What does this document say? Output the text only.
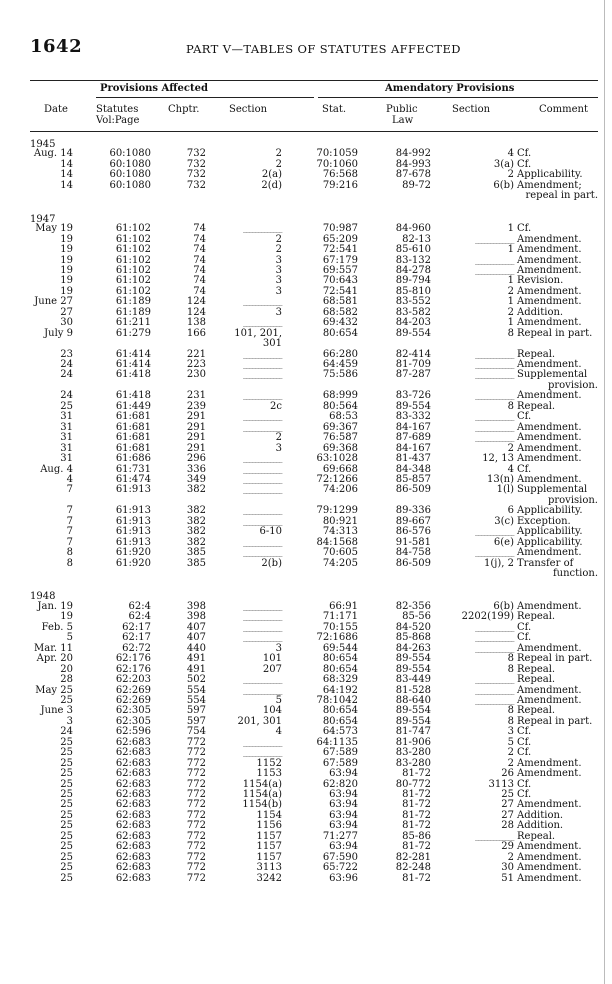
1642	PART V—TABLES OF STATUTES AFFECTED
Provisions Affected	Amendatory Provisions
Date	Statutes
Vol:Page
Chptr.	Section	Stat.	Public
Law
Section	Comment
1945
Aug. 14	60:1080	732	2	70:1059	84-992	4 Cf.
14	60:1080	732	2	70:1060	84-993	3(a) Cf.
14	60:1080	732	2(a)	76:568	87-678	2 Applicability.
14	60:1080	732	2(d)	79:216	89-72	6(b) Amendment;
repeal in part.
1947
May 19	61:102	74	_____________	70:987	84-960	1 Cf.
19	61:102	74	2	65:209	82-13	_____________ Amendment.
19	61:102	74	2	72:541	85-610	1 Amendment.
19	61:102	74	3	67:179	83-132	_____________ Amendment.
19	61:102	74	3	69:557	84-278	_____________ Amendment.
19	61:102	74	3	70:643	89-794	1 Revision.
19	61:102	74	3	72:541	85-810	2 Amendment.
June 27	61:189	124	_____________	68:581	83-552	1 Amendment.
27	61:189	124	3	68:582	83-582	2 Addition.
30	61:211	138	_____________	69:432	84-203	1 Amendment.
July 9	61:279	166	101, 201,	80:654	89-554	8 Repeal in part.
301
23	61:414	221	_____________	66:280	82-414	_____________ Repeal.
24	61:414	223	_____________	64:459	81-709	_____________ Amendment.
24	61:418	230	_____________	75:586	87-287	_____________ Supplemental
provision.
24	61:418	231	_____________	68:999	83-726	_____________ Amendment.
25	61:449	239	2c	80:564	89-554	8 Repeal.
31	61:681	291	_____________	68:53	83-332	_____________ Cf.
31	61:681	291	_____________	69:367	84-167	_____________ Amendment.
31	61:681	291	2	76:587	87-689	_____________ Amendment.
31	61:681	291	3	69:368	84-167	2 Amendment.
31	61:686	296	_____________	63:1028	81-437	12, 13 Amendment.
Aug. 4	61:731	336	_____________	69:668	84-348	4 Cf.
4	61:474	349	_____________	72:1266	85-857	13(n) Amendment.
7	61:913	382	_____________	74:206	86-509	1(l) Supplemental
provision.
7	61:913	382	_____________	79:1299	89-336	6 Applicability.
7	61:913	382	_____________	80:921	89-667	3(c) Exception.
7	61:913	382	6-10	74:313	86-576	_____________ Applicability.
7	61:913	382	_____________	84:1568	91-581	6(e) Applicability.
8	61:920	385	_____________	70:605	84-758	_____________ Amendment.
8	61:920	385	2(b)	74:205	86-509	1(j), 2 Transfer of
function.
1948
Jan. 19	62:4	398	_____________	66:91	82-356	6(b) Amendment.
19	62:4	398	_____________	71:171	85-56	2202(199) Repeal.
Feb. 5	62:17	407	_____________	70:155	84-520	_____________ Cf.
5	62:17	407	_____________	72:1686	85-868	_____________ Cf.
Mar. 11	62:72	440	3	69:544	84-263	_____________ Amendment.
Apr. 20	62:176	491	101	80:654	89-554	8 Repeal in part.
20	62:176	491	207	80:654	89-554	8 Repeal.
28	62:203	502	_____________	68:329	83-449	_____________ Repeal.
May 25	62:269	554	_____________	64:192	81-528	_____________ Amendment.
25	62:269	554	5	78:1042	88-640	_____________ Amendment.
June 3	62:305	597	104	80:654	89-554	8 Repeal.
3	62:305	597	201, 301	80:654	89-554	8 Repeal in part.
24	62:596	754	4	64:573	81-747	3 Cf.
25	62:683	772	_____________	64:1135	81-906	5 Cf.
25	62:683	772	_____________	67:589	83-280	2 Cf.
25	62:683	772	1152	67:589	83-280	2 Amendment.
25	62:683	772	1153	63:94	81-72	26 Amendment.
25	62:683	772	1154(a)	62:820	80-772	3113 Cf.
25	62:683	772	1154(a)	63:94	81-72	25 Cf.
25	62:683	772	1154(b)	63:94	81-72	27 Amendment.
25	62:683	772	1154	63:94	81-72	27 Addition.
25	62:683	772	1156	63:94	81-72	28 Addition.
25	62:683	772	1157	71:277	85-86	_____________ Repeal.
25	62:683	772	1157	63:94	81-72	29 Amendment.
25	62:683	772	1157	67:590	82-281	2 Amendment.
25	62:683	772	3113	65:722	82-248	30 Amendment.
25	62:683	772	3242	63:96	81-72	51 Amendment.
